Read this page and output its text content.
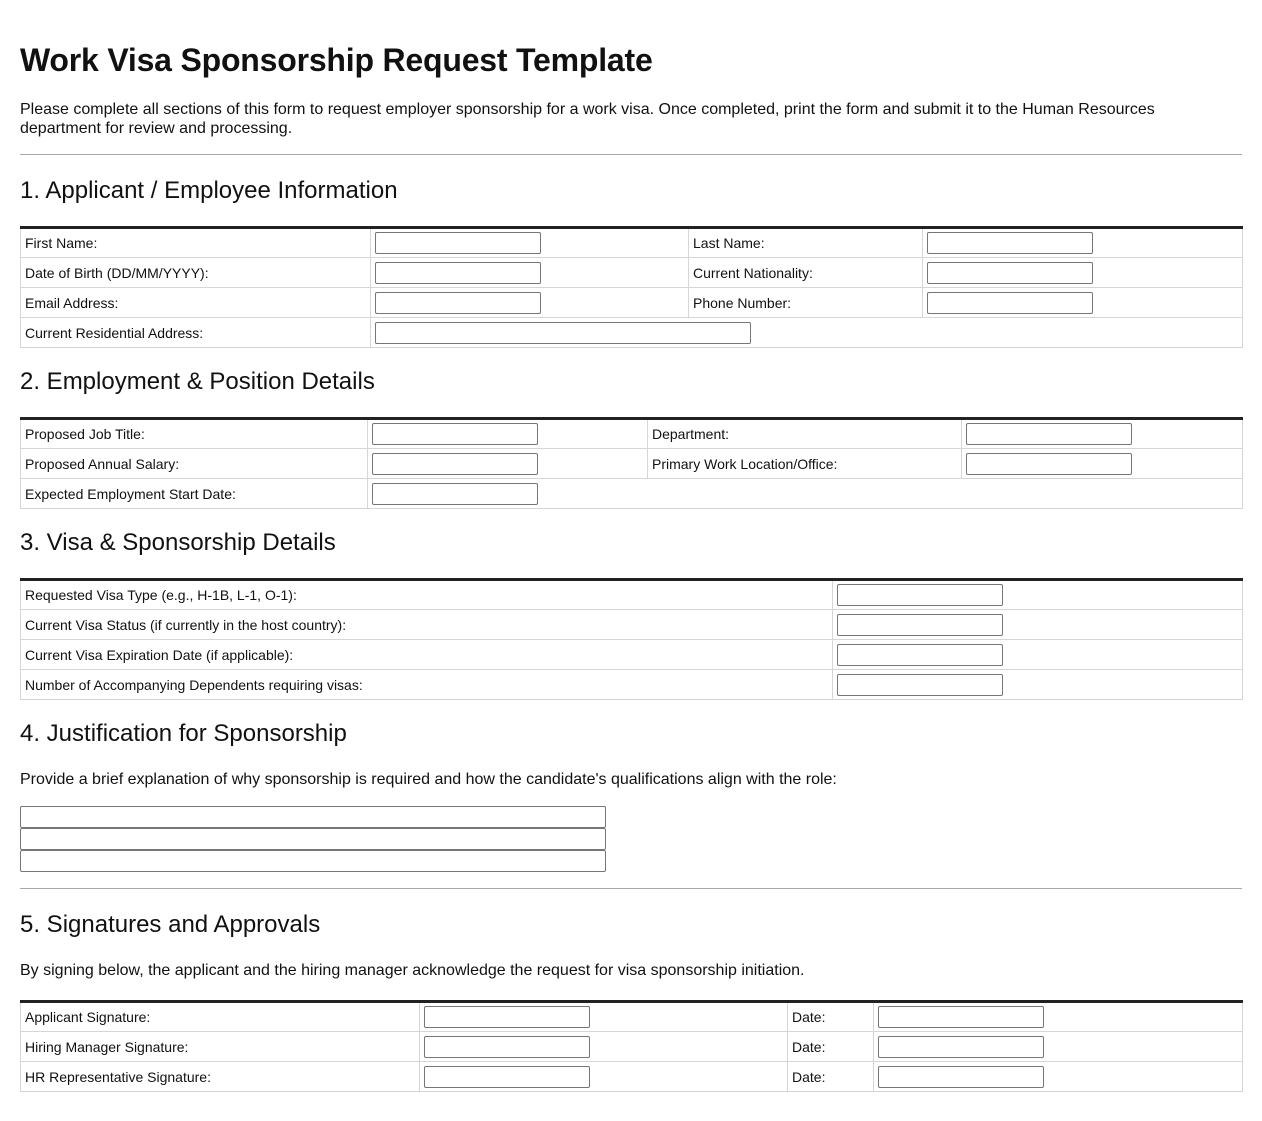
Work Visa Sponsorship Request Template

Please complete all sections of this form to request employer sponsorship for a work visa. Once completed, print the form and submit it to the Human Resources department for review and processing.

1. Applicant / Employee Information
First Name:		Last Name:	

Date of Birth (DD/MM/YYYY):		Current Nationality:	

Email Address:		Phone Number:	

Current Residential Address:			
2. Employment & Position Details
Proposed Job Title:		Department:	

Proposed Annual Salary:		Primary Work Location/Office:	

Expected Employment Start Date:			
3. Visa & Sponsorship Details
Requested Visa Type (e.g., H-1B, L-1, O-1):	

Current Visa Status (if currently in the host country):	

Current Visa Expiration Date (if applicable):	

Number of Accompanying Dependents requiring visas:	
4. Justification for Sponsorship

Provide a brief explanation of why sponsorship is required and how the candidate's qualifications align with the role:

5. Signatures and Approvals

By signing below, the applicant and the hiring manager acknowledge the request for visa sponsorship initiation.

Applicant Signature:		Date:	

Hiring Manager Signature:		Date:	

HR Representative Signature:		Date:	
